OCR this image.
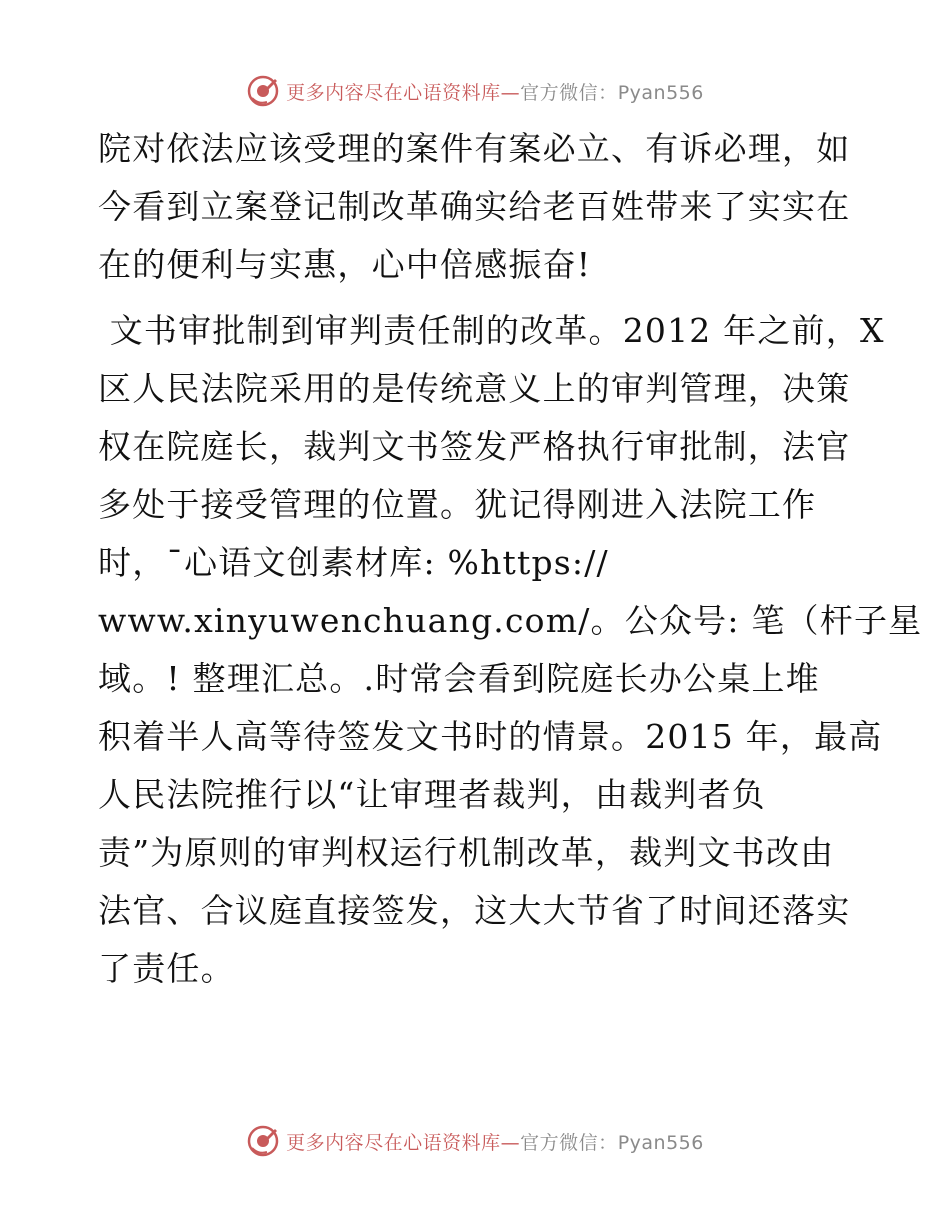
更多内容尽在心语资料库—官方微信：Pyan556
院对依法应该受理的案件有案必立、有诉必理，如
今看到立案登记制改革确实给老百姓带来了实实在
在的便利与实惠，心中倍感振奋!
文书审批制到审判责任制的改革。2012 年之前，X
区人民法院采用的是传统意义上的审判管理，决策
权在院庭长，裁判文书签发严格执行审批制，法官
多处于接受管理的位置。犹记得刚进入法院工作
时，¯心语文创素材库: %https://
www.xinyuwenchuang.com/。公众号: 笔（杆子星
域。! 整理汇总。.时常会看到院庭长办公桌上堆
积着半人高等待签发文书时的情景。2015 年，最高
人民法院推行以“让审理者裁判，由裁判者负
责”为原则的审判权运行机制改革，裁判文书改由
法官、合议庭直接签发，这大大节省了时间还落实
了责任。
更多内容尽在心语资料库—官方微信：Pyan556
